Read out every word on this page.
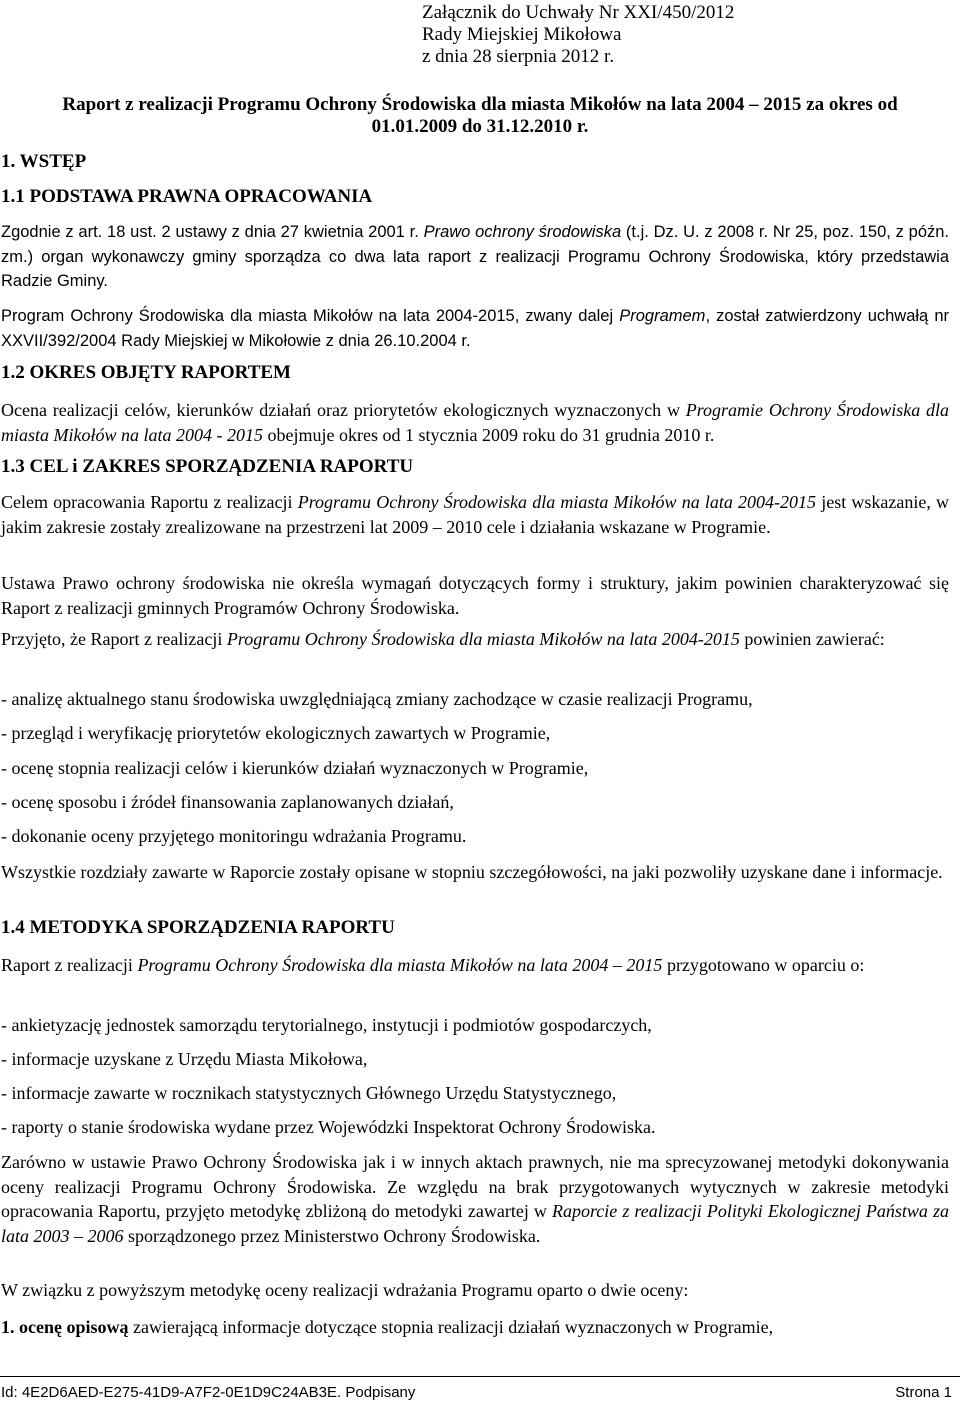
Załącznik do Uchwały Nr XXI/450/2012
Rady Miejskiej Mikołowa
z dnia 28 sierpnia 2012 r.
Raport z realizacji Programu Ochrony Środowiska dla miasta Mikołów na lata 2004 – 2015 za okres od
01.01.2009 do 31.12.2010 r.
1. WSTĘP
1.1 PODSTAWA PRAWNA OPRACOWANIA
Zgodnie z art. 18 ust. 2 ustawy z dnia 27 kwietnia 2001 r. Prawo ochrony środowiska (t.j. Dz. U. z 2008 r. Nr 25, poz. 150, z późn. zm.) organ wykonawczy gminy sporządza co dwa lata raport z realizacji Programu Ochrony Środowiska, który przedstawia Radzie Gminy.
Program Ochrony Środowiska dla miasta Mikołów na lata 2004-2015, zwany dalej Programem, został zatwierdzony uchwałą nr XXVII/392/2004 Rady Miejskiej w Mikołowie z dnia 26.10.2004 r.
1.2 OKRES OBJĘTY RAPORTEM
Ocena realizacji celów, kierunków działań oraz priorytetów ekologicznych wyznaczonych w Programie Ochrony Środowiska dla miasta Mikołów na lata 2004 - 2015 obejmuje okres od 1 stycznia 2009 roku do 31 grudnia 2010 r.
1.3 CEL i ZAKRES SPORZĄDZENIA RAPORTU
Celem opracowania Raportu z realizacji Programu Ochrony Środowiska dla miasta Mikołów na lata 2004-2015 jest wskazanie, w jakim zakresie zostały zrealizowane na przestrzeni lat 2009 – 2010 cele i działania wskazane w Programie.
Ustawa Prawo ochrony środowiska nie określa wymagań dotyczących formy i struktury, jakim powinien charakteryzować się Raport z realizacji gminnych Programów Ochrony Środowiska.
Przyjęto, że Raport z realizacji Programu Ochrony Środowiska dla miasta Mikołów na lata 2004-2015 powinien zawierać:
- analizę aktualnego stanu środowiska uwzględniającą zmiany zachodzące w czasie realizacji Programu,
- przegląd i weryfikację priorytetów ekologicznych zawartych w Programie,
- ocenę stopnia realizacji celów i kierunków działań wyznaczonych w Programie,
- ocenę sposobu i źródeł finansowania zaplanowanych działań,
- dokonanie oceny przyjętego monitoringu wdrażania Programu.
Wszystkie rozdziały zawarte w Raporcie zostały opisane w stopniu szczegółowości, na jaki pozwoliły uzyskane dane i informacje.
1.4 METODYKA SPORZĄDZENIA RAPORTU
Raport z realizacji Programu Ochrony Środowiska dla miasta Mikołów na lata 2004 – 2015 przygotowano w oparciu o:
- ankietyzację jednostek samorządu terytorialnego, instytucji i podmiotów gospodarczych,
- informacje uzyskane z Urzędu Miasta Mikołowa,
- informacje zawarte w rocznikach statystycznych Głównego Urzędu Statystycznego,
- raporty o stanie środowiska wydane przez Wojewódzki Inspektorat Ochrony Środowiska.
Zarówno w ustawie Prawo Ochrony Środowiska jak i w innych aktach prawnych, nie ma sprecyzowanej metodyki dokonywania oceny realizacji Programu Ochrony Środowiska. Ze względu na brak przygotowanych wytycznych w zakresie metodyki opracowania Raportu, przyjęto metodykę zbliżoną do metodyki zawartej w Raporcie z realizacji Polityki Ekologicznej Państwa za lata 2003 – 2006 sporządzonego przez Ministerstwo Ochrony Środowiska.
W związku z powyższym metodykę oceny realizacji wdrażania Programu oparto o dwie oceny:
1. ocenę opisową zawierającą informacje dotyczące stopnia realizacji działań wyznaczonych w Programie,
Id: 4E2D6AED-E275-41D9-A7F2-0E1D9C24AB3E. Podpisany	Strona 1
